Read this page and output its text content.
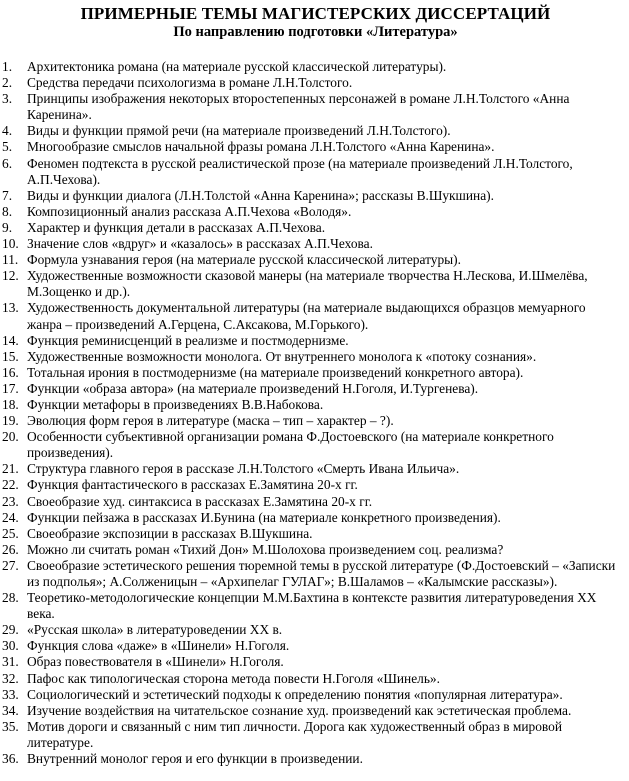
ПРИМЕРНЫЕ ТЕМЫ МАГИСТЕРСКИХ ДИССЕРТАЦИЙ
По направлению подготовки «Литература»
1.	Архитектоника романа (на материале русской классической литературы).
2.	Средства передачи психологизма в романе Л.Н.Толстого.
3.	Принципы изображения некоторых второстепенных персонажей в романе Л.Н.Толстого «Анна Каренина».
4.	Виды и функции прямой речи (на материале произведений Л.Н.Толстого).
5.	Многообразие смыслов начальной фразы романа Л.Н.Толстого «Анна Каренина».
6.	Феномен подтекста в русской реалистической прозе (на материале произведений Л.Н.Толстого, А.П.Чехова).
7.	Виды и функции диалога (Л.Н.Толстой «Анна Каренина»; рассказы В.Шукшина).
8.	Композиционный анализ рассказа А.П.Чехова «Володя».
9.	Характер и функция детали в рассказах А.П.Чехова.
10. Значение слов «вдруг» и «казалось» в рассказах А.П.Чехова.
11. Формула узнавания героя (на материале русской классической литературы).
12. Художественные возможности сказовой манеры (на материале творчества Н.Лескова, И.Шмелёва, М.Зощенко и др.).
13. Художественность документальной литературы (на материале выдающихся образцов мемуарного жанра – произведений А.Герцена, С.Аксакова, М.Горького).
14. Функция реминисценций в реализме и постмодернизме.
15. Художественные возможности монолога. От внутреннего монолога к «потоку сознания».
16. Тотальная ирония в постмодернизме (на материале произведений конкретного автора).
17. Функции «образа автора» (на материале произведений Н.Гоголя, И.Тургенева).
18. Функции метафоры в произведениях В.В.Набокова.
19. Эволюция форм героя в литературе (маска – тип – характер – ?).
20. Особенности субъективной организации романа Ф.Достоевского (на материале конкретного произведения).
21. Структура главного героя в рассказе Л.Н.Толстого «Смерть Ивана Ильича».
22. Функция фантастического в рассказах Е.Замятина 20-х гг.
23. Своеобразие худ. синтаксиса в рассказах Е.Замятина 20-х гг.
24. Функции пейзажа в рассказах И.Бунина (на материале конкретного произведения).
25. Своеобразие экспозиции в рассказах В.Шукшина.
26. Можно ли считать роман «Тихий Дон» М.Шолохова произведением соц. реализма?
27. Своеобразие эстетического решения тюремной темы в русской литературе (Ф.Достоевский – «Записки из подполья»; А.Солженицын – «Архипелаг ГУЛАГ»; В.Шаламов – «Калымские рассказы»).
28. Теоретико-методологические концепции М.М.Бахтина в контексте развития литературоведения XX века.
29. «Русская школа» в литературоведении XX в.
30. Функция слова «даже» в «Шинели» Н.Гоголя.
31. Образ повествователя в «Шинели» Н.Гоголя.
32. Пафос как типологическая сторона метода повести Н.Гоголя «Шинель».
33. Социологический и эстетический подходы к определению понятия «популярная литература».
34. Изучение воздействия на читательское сознание худ. произведений как эстетическая проблема.
35. Мотив дороги и связанный с ним тип личности. Дорога как художественный образ в мировой литературе.
36. Внутренний монолог героя и его функции в произведении.
